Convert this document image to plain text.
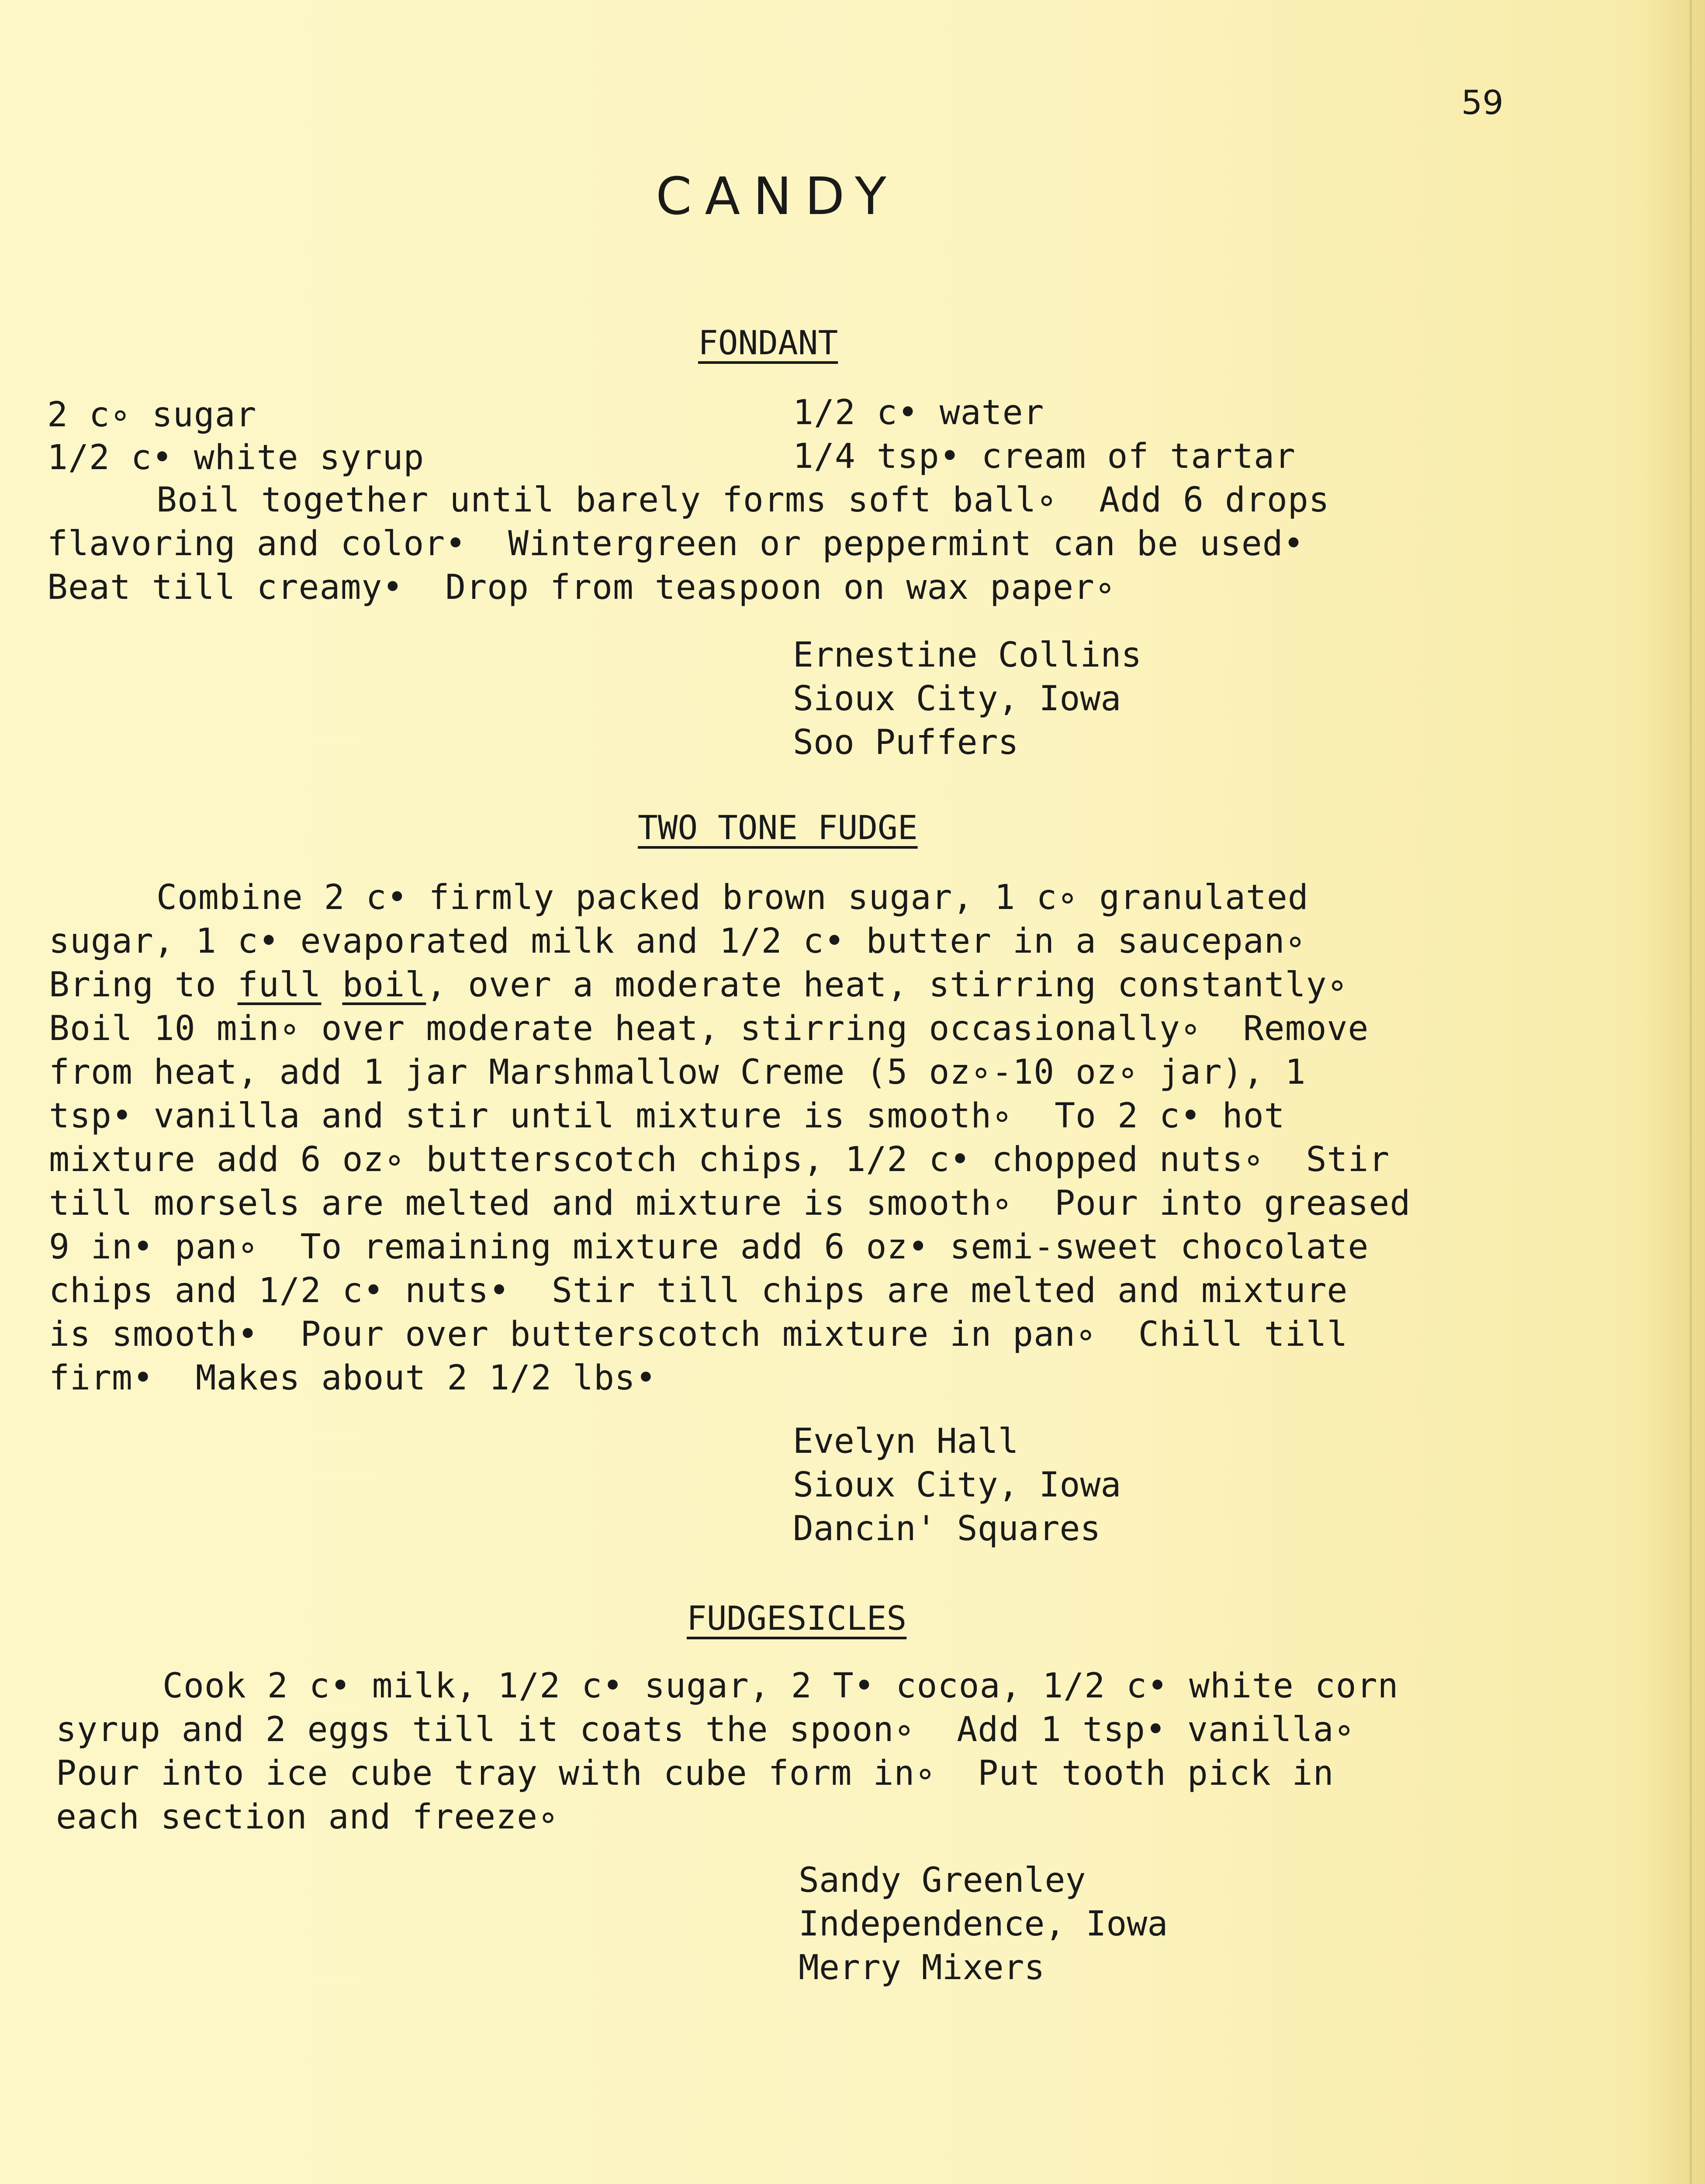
59
CANDY
FONDANT
2 c∘ sugar	1/2 c• water
1/2 c• white syrup	1/4 tsp• cream of tartar
Boil together until barely forms soft ball∘  Add 6 drops
flavoring and color•  Wintergreen or peppermint can be used•
Beat till creamy•  Drop from teaspoon on wax paper∘
Ernestine Collins
Sioux City, Iowa
Soo Puffers
TWO TONE FUDGE
Combine 2 c• firmly packed brown sugar, 1 c∘ granulated
sugar, 1 c• evaporated milk and 1/2 c• butter in a saucepan∘
Bring to full boil, over a moderate heat, stirring constantly∘
Boil 10 min∘ over moderate heat, stirring occasionally∘  Remove
from heat, add 1 jar Marshmallow Creme (5 oz∘-10 oz∘ jar), 1
tsp• vanilla and stir until mixture is smooth∘  To 2 c• hot
mixture add 6 oz∘ butterscotch chips, 1/2 c• chopped nuts∘  Stir
till morsels are melted and mixture is smooth∘  Pour into greased
9 in• pan∘  To remaining mixture add 6 oz• semi-sweet chocolate
chips and 1/2 c• nuts•  Stir till chips are melted and mixture
is smooth•  Pour over butterscotch mixture in pan∘  Chill till
firm•  Makes about 2 1/2 lbs•
Evelyn Hall
Sioux City, Iowa
Dancin' Squares
FUDGESICLES
Cook 2 c• milk, 1/2 c• sugar, 2 T• cocoa, 1/2 c• white corn
syrup and 2 eggs till it coats the spoon∘  Add 1 tsp• vanilla∘
Pour into ice cube tray with cube form in∘  Put tooth pick in
each section and freeze∘
Sandy Greenley
Independence, Iowa
Merry Mixers
